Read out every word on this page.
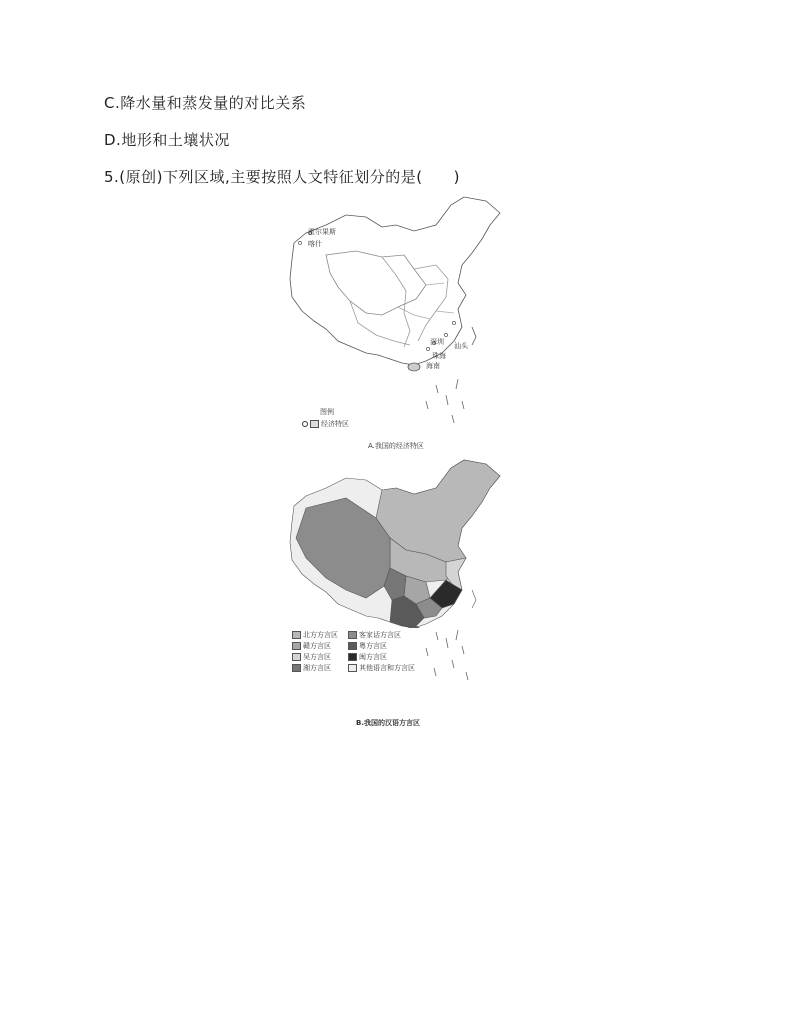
C.降水量和蒸发量的对比关系
D.地形和土壤状况
5.(原创)下列区域,主要按照人文特征划分的是(　　)
霍尔果斯
喀什
深圳 汕头
珠海
海南
图例
经济特区
A.我国的经济特区
北方方言区	客家话方言区
赣方言区	粤方言区
吴方言区	闽方言区
湘方言区	其他语言和方言区
B.我国的汉语方言区
